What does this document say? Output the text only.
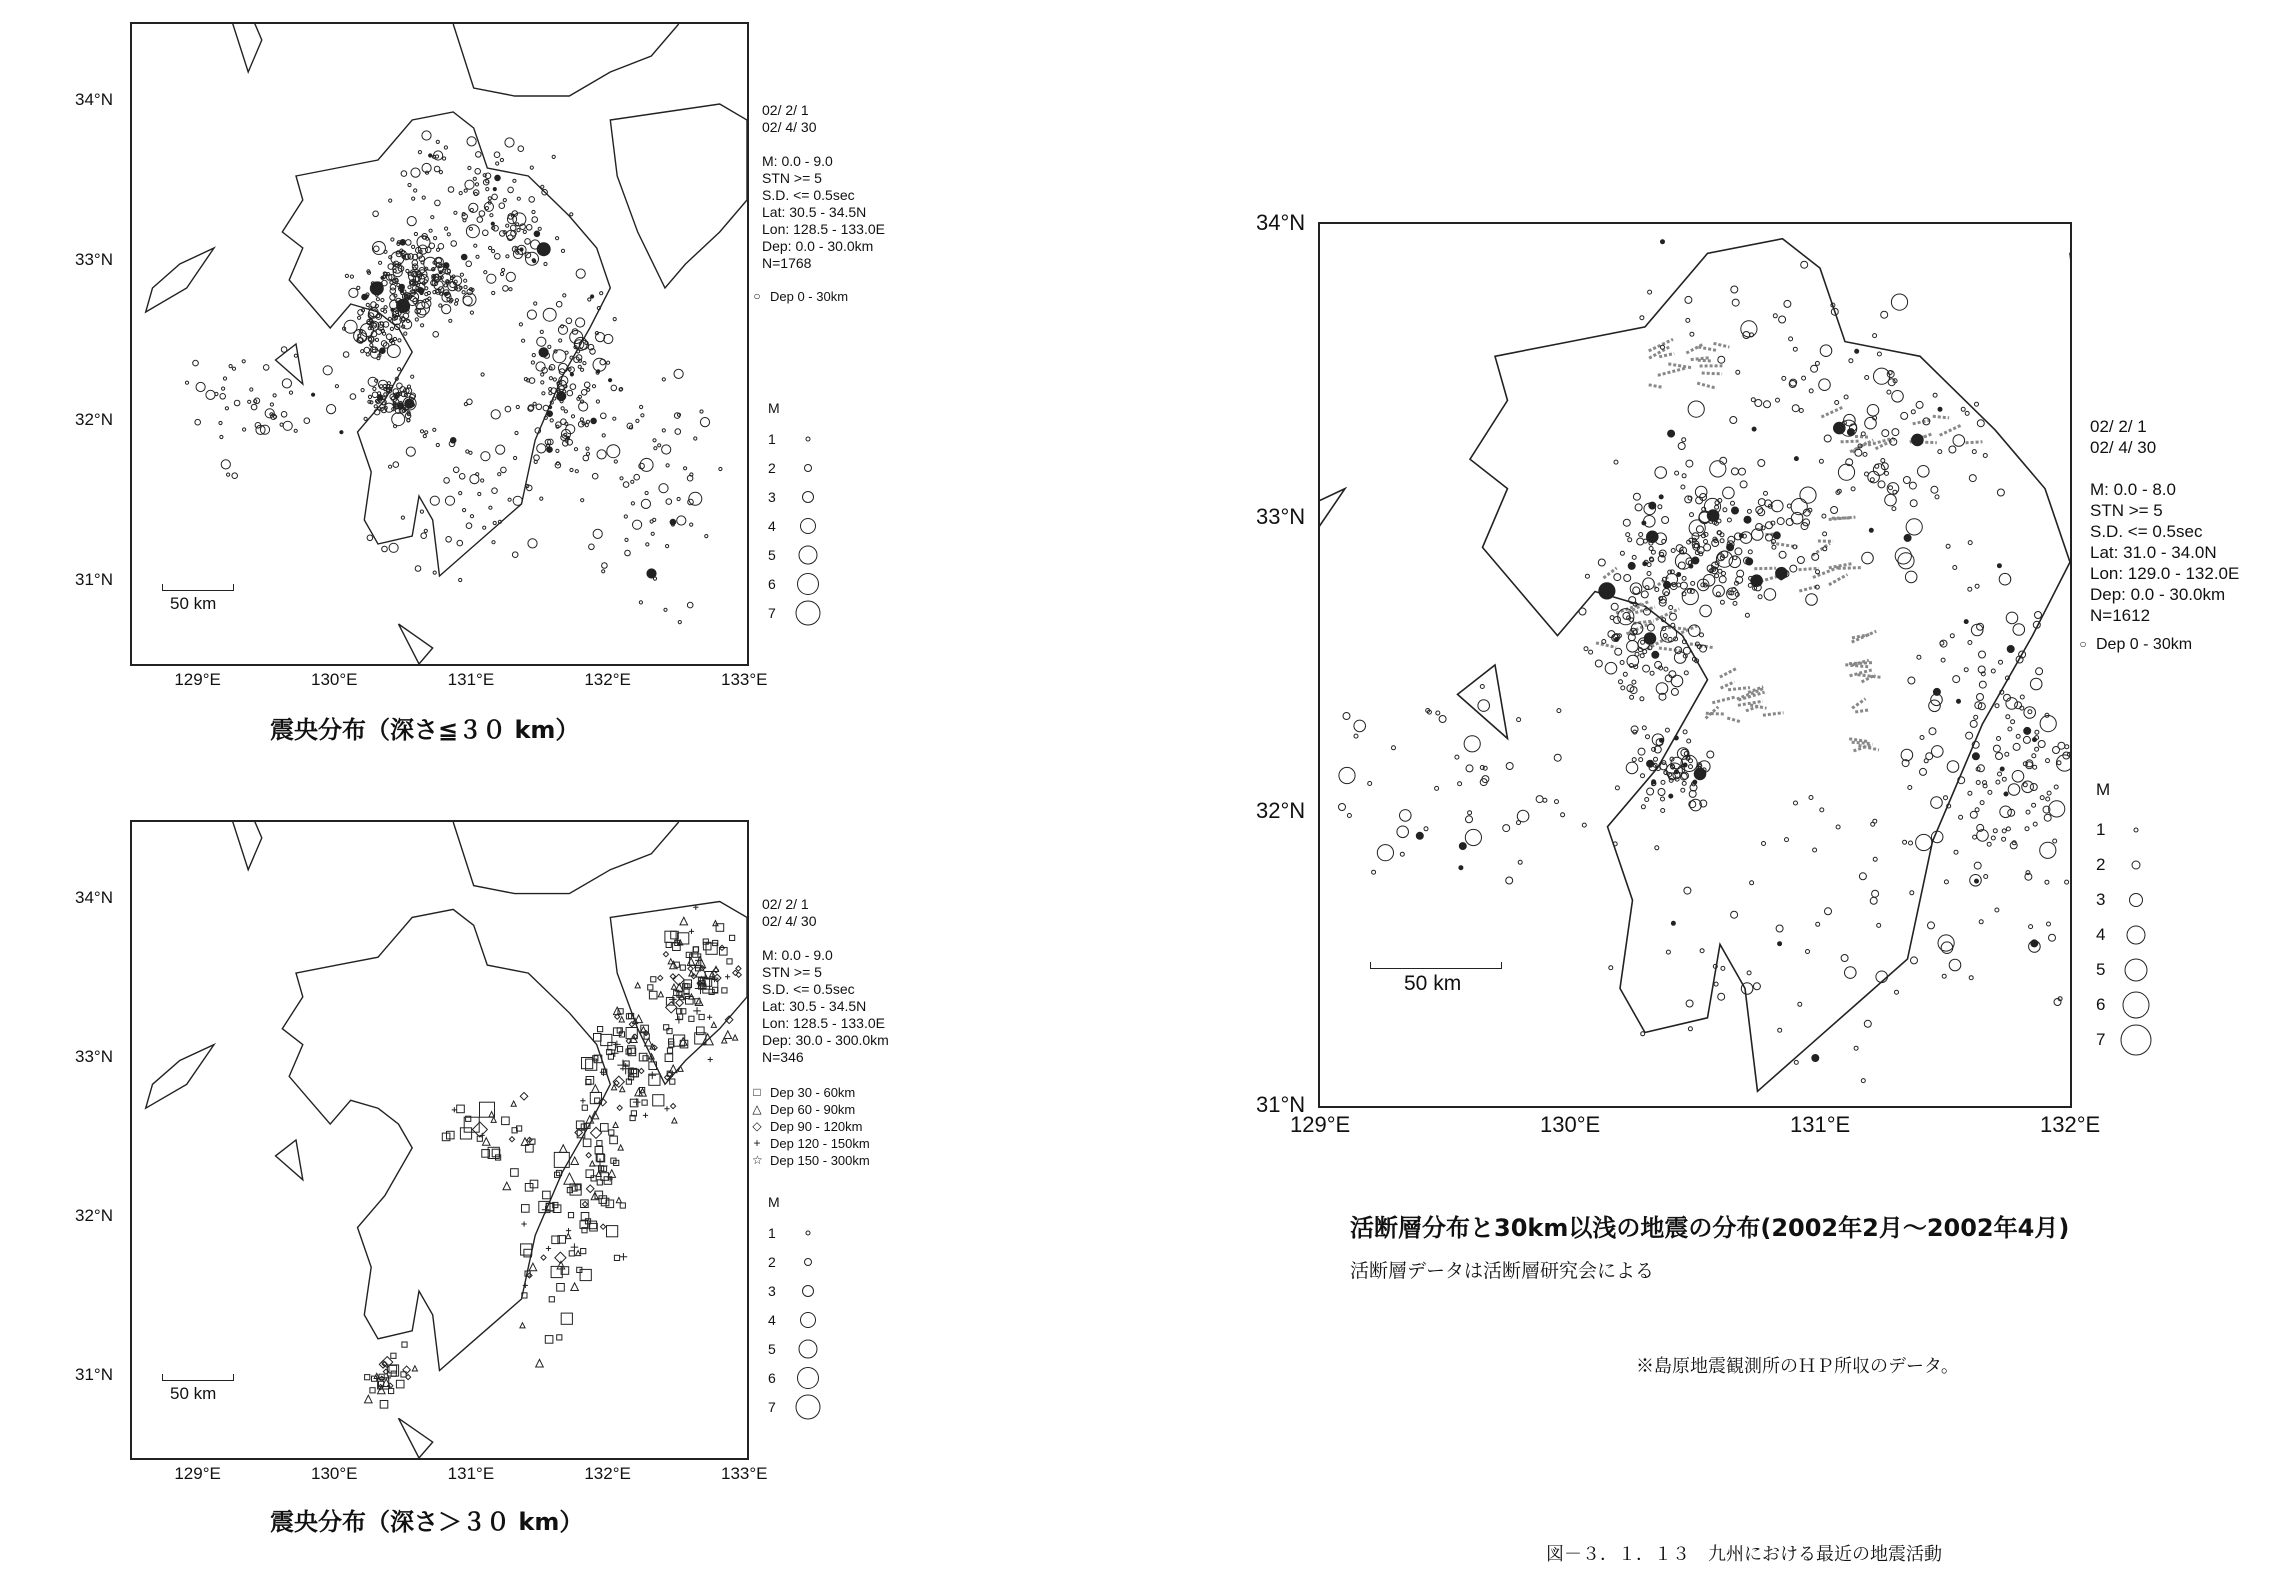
34°N
33°N
32°N
31°N
129°E	130°E	131°E	132°E	133°E
02/ 2/ 1
02/ 4/ 30

M: 0.0 - 9.0
STN >= 5
S.D. <= 0.5sec
Lat: 30.5 - 34.5N
Lon: 128.5 - 133.0E
Dep: 0.0 - 30.0km
N=1768
○ Dep 0 - 30km
M
1
2
3
4
5
6
7
50 km
震央分布（深さ≦３０ km）
34°N
33°N
32°N
31°N
129°E	130°E	131°E	132°E	133°E
02/ 2/ 1
02/ 4/ 30

M: 0.0 - 9.0
STN >= 5
S.D. <= 0.5sec
Lat: 30.5 - 34.5N
Lon: 128.5 - 133.0E
Dep: 30.0 - 300.0km
N=346
□ Dep 30 - 60km
△ Dep 60 - 90km
◇ Dep 90 - 120km
+ Dep 120 - 150km
☆ Dep 150 - 300km
M
1
2
3
4
5
6
7
50 km
震央分布（深さ＞３０ km）
34°N
33°N
32°N
31°N
129°E	130°E	131°E	132°E
02/ 2/ 1
02/ 4/ 30

M: 0.0 - 8.0
STN >= 5
S.D. <= 0.5sec
Lat: 31.0 - 34.0N
Lon: 129.0 - 132.0E
Dep: 0.0 - 30.0km
N=1612
○ Dep 0 - 30km
M
1
2
3
4
5
6
7
50 km
活断層分布と30km以浅の地震の分布(2002年2月～2002年4月)
活断層データは活断層研究会による
※島原地震観測所のＨＰ所収のデータ。
図－３．１．１３　九州における最近の地震活動
